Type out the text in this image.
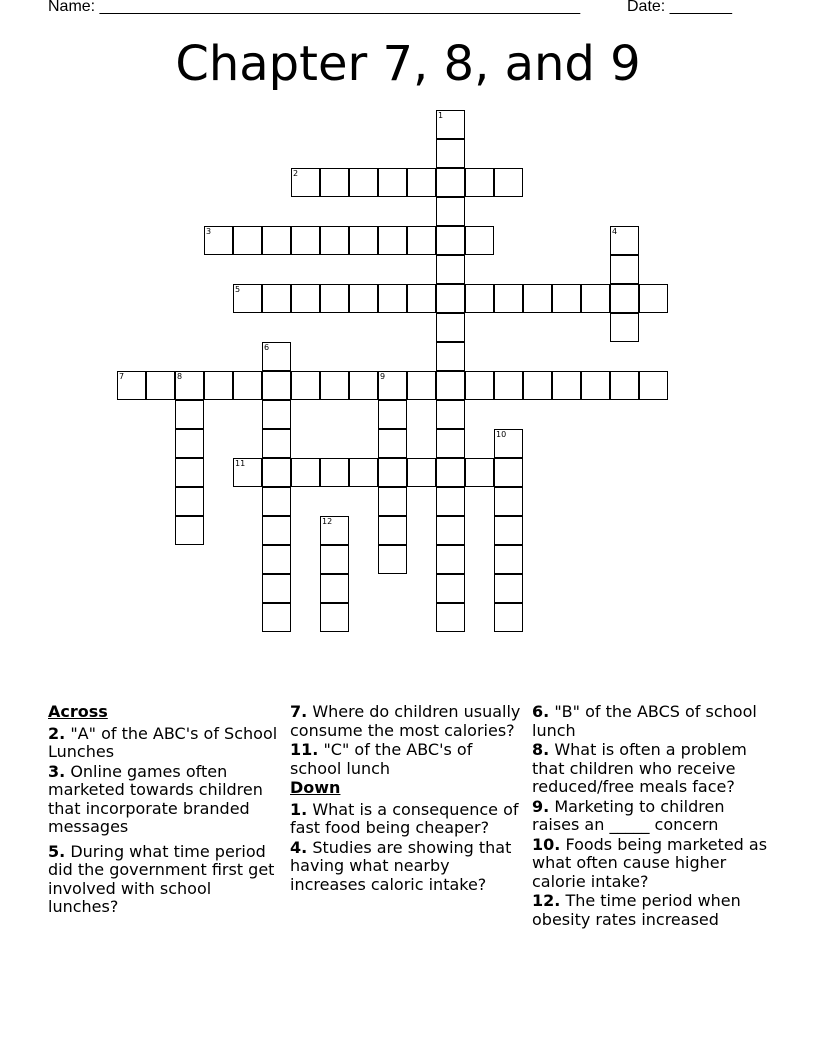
Name: ______________________________________________________	Date: _______
Chapter 7, 8, and 9
1
2
3	4
5
6
7	8	9
10
11
12
Across
2. "A" of the ABC's of School Lunches
3. Online games often marketed towards children that incorporate branded messages
5. During what time period did the government first get involved with school lunches?
7. Where do children usually consume the most calories?
11. "C" of the ABC's of school lunch
Down
1. What is a consequence of fast food being cheaper?
4. Studies are showing that having what nearby increases caloric intake?
6. "B" of the ABCS of school lunch
8. What is often a problem that children who receive reduced/free meals face?
9. Marketing to children raises an _____ concern
10. Foods being marketed as what often cause higher calorie intake?
12. The time period when obesity rates increased
